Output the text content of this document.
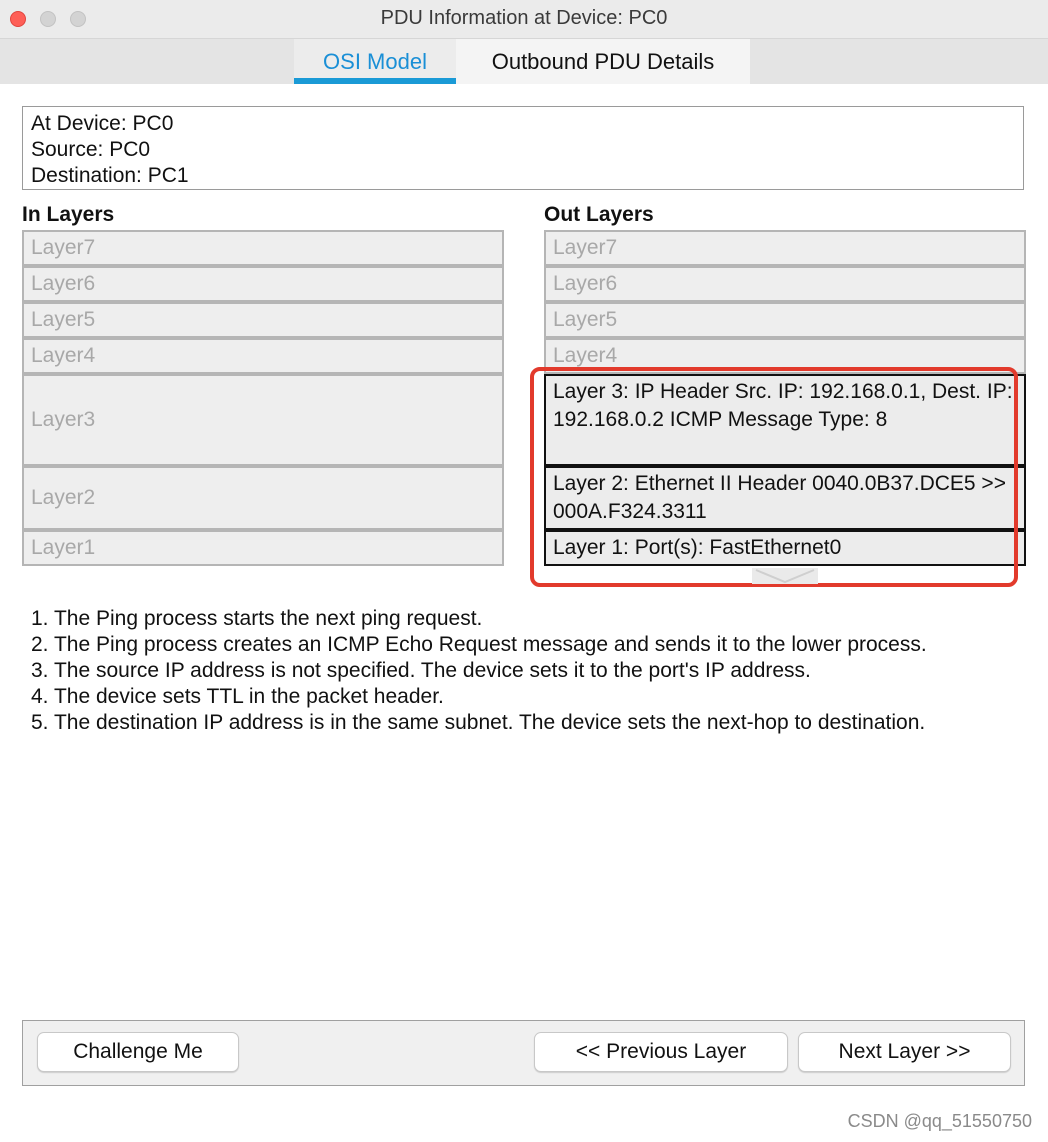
PDU Information at Device: PC0
OSI Model	Outbound PDU Details
At Device: PC0
Source: PC0
Destination: PC1
In Layers	Out Layers
Layer7
Layer6
Layer5
Layer4
Layer3
Layer2
Layer1
Layer7
Layer6
Layer5
Layer4
Layer 3: IP Header Src. IP: 192.168.0.1, Dest. IP: 192.168.0.2 ICMP Message Type: 8
Layer 2: Ethernet II Header 0040.0B37.DCE5 >> 000A.F324.3311
Layer 1: Port(s): FastEthernet0
1. The Ping process starts the next ping request.
2. The Ping process creates an ICMP Echo Request message and sends it to the lower process.
3. The source IP address is not specified. The device sets it to the port's IP address.
4. The device sets TTL in the packet header.
5. The destination IP address is in the same subnet. The device sets the next-hop to destination.
Challenge Me	<< Previous Layer	Next Layer >>
CSDN @qq_51550750
